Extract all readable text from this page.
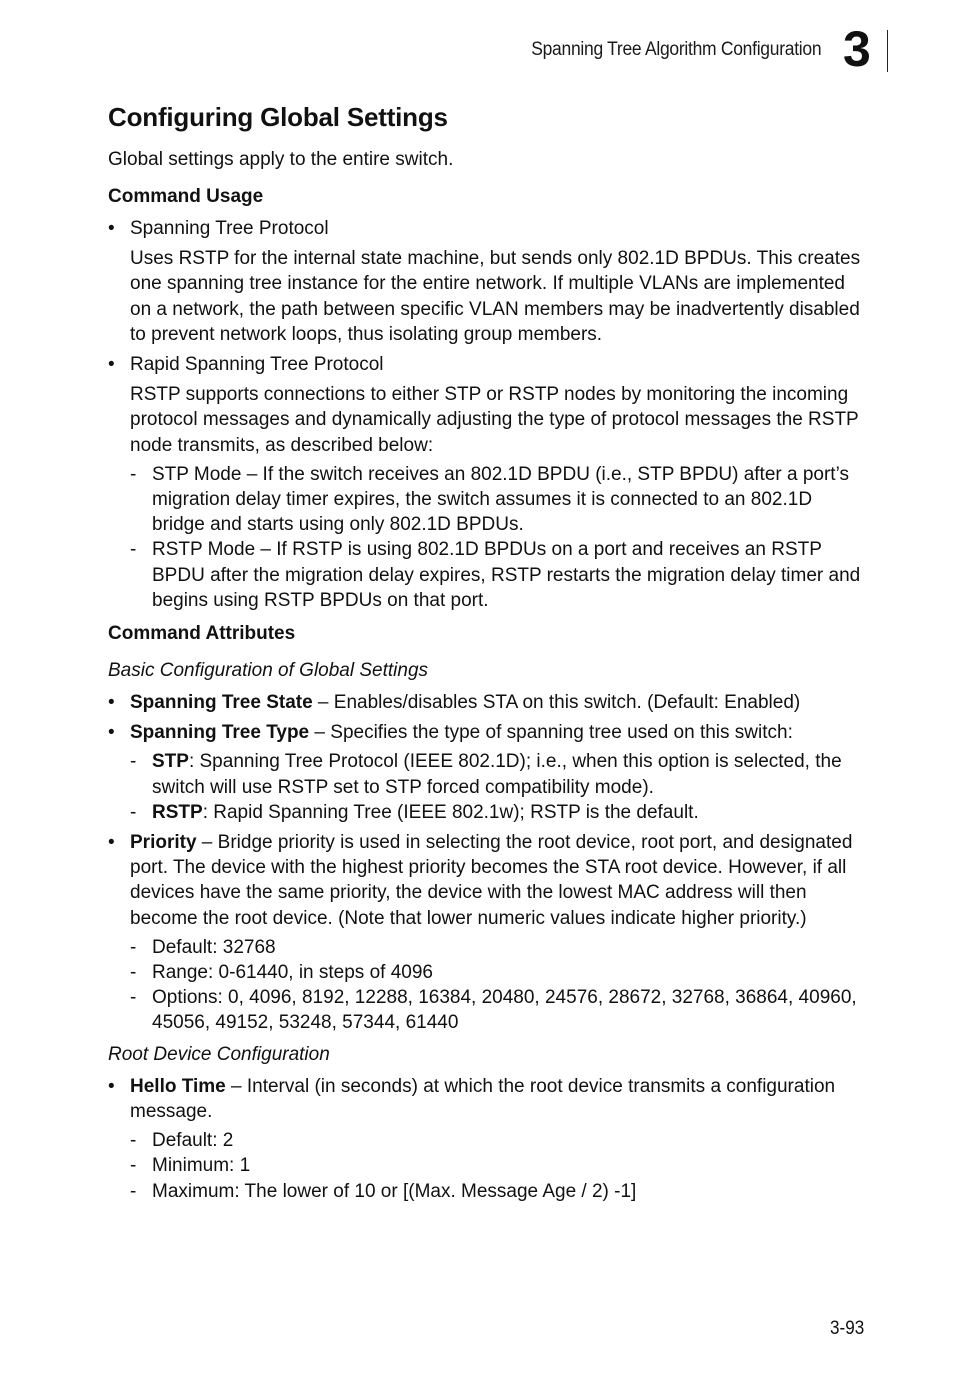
Spanning Tree Algorithm Configuration 3
Configuring Global Settings

Global settings apply to the entire switch.

Command Usage
• Spanning Tree Protocol

Uses RSTP for the internal state machine, but sends only 802.1D BPDUs. This creates one spanning tree instance for the entire network. If multiple VLANs are implemented on a network, the path between specific VLAN members may be inadvertently disabled to prevent network loops, thus isolating group members.

• Rapid Spanning Tree Protocol

RSTP supports connections to either STP or RSTP nodes by monitoring the incoming protocol messages and dynamically adjusting the type of protocol messages the RSTP node transmits, as described below:

- STP Mode – If the switch receives an 802.1D BPDU (i.e., STP BPDU) after a port’s migration delay timer expires, the switch assumes it is connected to an 802.1D bridge and starts using only 802.1D BPDUs.
- RSTP Mode – If RSTP is using 802.1D BPDUs on a port and receives an RSTP BPDU after the migration delay expires, RSTP restarts the migration delay timer and begins using RSTP BPDUs on that port.
Command Attributes
Basic Configuration of Global Settings
• Spanning Tree State – Enables/disables STA on this switch. (Default: Enabled)
• Spanning Tree Type – Specifies the type of spanning tree used on this switch:
- STP: Spanning Tree Protocol (IEEE 802.1D); i.e., when this option is selected, the switch will use RSTP set to STP forced compatibility mode).
- RSTP: Rapid Spanning Tree (IEEE 802.1w); RSTP is the default.
• Priority – Bridge priority is used in selecting the root device, root port, and designated port. The device with the highest priority becomes the STA root device. However, if all devices have the same priority, the device with the lowest MAC address will then become the root device. (Note that lower numeric values indicate higher priority.)
- Default: 32768
- Range: 0-61440, in steps of 4096
- Options: 0, 4096, 8192, 12288, 16384, 20480, 24576, 28672, 32768, 36864, 40960, 45056, 49152, 53248, 57344, 61440
Root Device Configuration
• Hello Time – Interval (in seconds) at which the root device transmits a configuration message.
- Default: 2
- Minimum: 1
- Maximum: The lower of 10 or [(Max. Message Age / 2) -1]
3-93
